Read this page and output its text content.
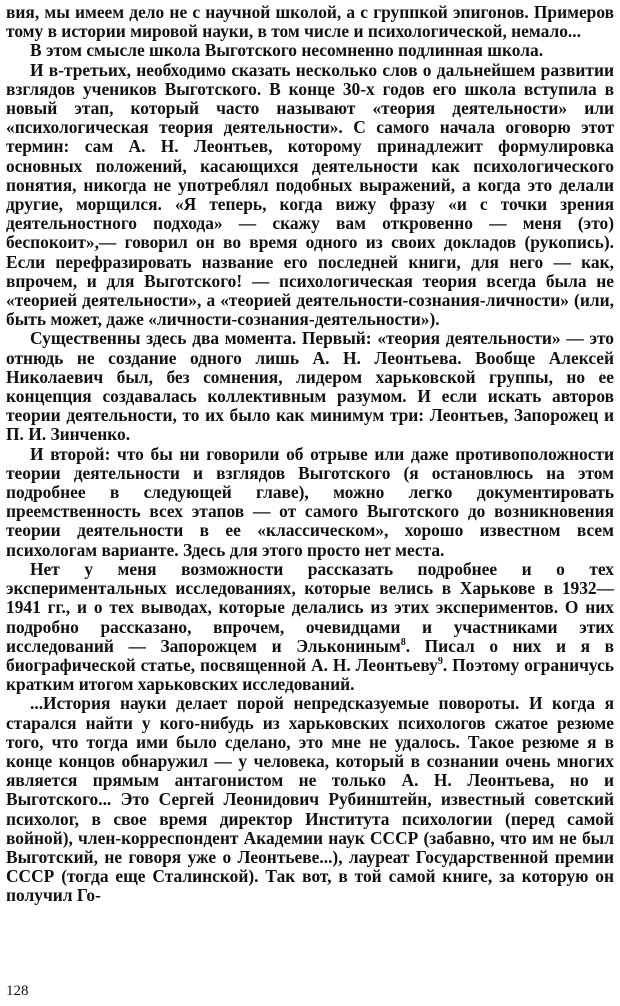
вия, мы имеем дело не с научной школой, а с группкой эпигонов. Примеров тому в истории мировой науки, в том числе и психологической, немало...

В этом смысле школа Выготского несомненно подлинная школа.

И в-третьих, необходимо сказать несколько слов о дальнейшем развитии взглядов учеников Выготского. В конце 30-х годов его школа вступила в новый этап, который часто называют «теория деятельности» или «психологическая теория деятельности». С самого начала оговорю этот термин: сам А. Н. Леонтьев, которому принадлежит формулировка основных положений, касающихся деятельности как психологического понятия, никогда не употреблял подобных выражений, а когда это делали другие, морщился. «Я теперь, когда вижу фразу «и с точки зрения деятельностного подхода» — скажу вам откровенно — меня (это) беспокоит»,— говорил он во время одного из своих докладов (рукопись). Если перефразировать название его последней книги, для него — как, впрочем, и для Выготского! — психологическая теория всегда была не «теорией деятельности», а «теорией деятельности-сознания-личности» (или, быть может, даже «личности-сознания-деятельности»).

Существенны здесь два момента. Первый: «теория деятельности» — это отнюдь не создание одного лишь А. Н. Леонтьева. Вообще Алексей Николаевич был, без сомнения, лидером харьковской группы, но ее концепция создавалась коллективным разумом. И если искать авторов теории деятельности, то их было как минимум три: Леонтьев, Запорожец и П. И. Зинченко.

И второй: что бы ни говорили об отрыве или даже противоположности теории деятельности и взглядов Выготского (я остановлюсь на этом подробнее в следующей главе), можно легко документировать преемственность всех этапов — от самого Выготского до возникновения теории деятельности в ее «классическом», хорошо известном всем психологам варианте. Здесь для этого просто нет места.

Нет у меня возможности рассказать подробнее и о тех экспериментальных исследованиях, которые велись в Харькове в 1932—1941 гг., и о тех выводах, которые делались из этих экспериментов. О них подробно рассказано, впрочем, очевидцами и участниками этих исследований — Запорожцем и Элькониным$^8$. Писал о них и я в биографической статье, посвященной А. Н. Леонтьеву$^9$. Поэтому ограничусь кратким итогом харьковских исследований.

...История науки делает порой непредсказуемые повороты. И когда я старался найти у кого-нибудь из харьковских психологов сжатое резюме того, что тогда ими было сделано, это мне не удалось. Такое резюме я в конце концов обнаружил — у человека, который в сознании очень многих является прямым антагонистом не только А. Н. Леонтьева, но и Выготского... Это Сергей Леонидович Рубинштейн, известный советский психолог, в свое время директор Института психологии (перед самой войной), член-корреспондент Академии наук СССР (забавно, что им не был Выготский, не говоря уже о Леонтьеве...), лауреат Государственной премии СССР (тогда еще Сталинской). Так вот, в той самой книге, за которую он получил Го-

128
